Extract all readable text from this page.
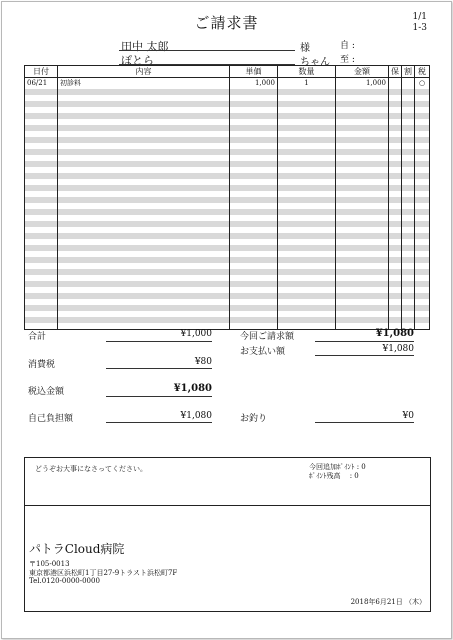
ご請求書	1/1
1-3
田中 太郎	様
ぽとら	ちゃん
自 :
至 :
日付	内容	単価	数量	金額	保	割	税
06/21	初診料	1,000	1	1,000			○

合計	¥1,000
消費税	¥80
税込金額	¥1,080
自己負担額	¥1,080
今回ご請求額	¥1,080
お支払い額	¥1,080
お釣り	¥0
どうぞお大事になさってください。	今回追加ﾎﾟｲﾝﾄ : 0
ﾎﾟｲﾝﾄ残高　 : 0
パトラCloud病院
〒105-0013
東京都港区浜松町1丁目27-9トラスト浜松町7F
Tel.0120-0000-0000
2018年6月21日 （木）
